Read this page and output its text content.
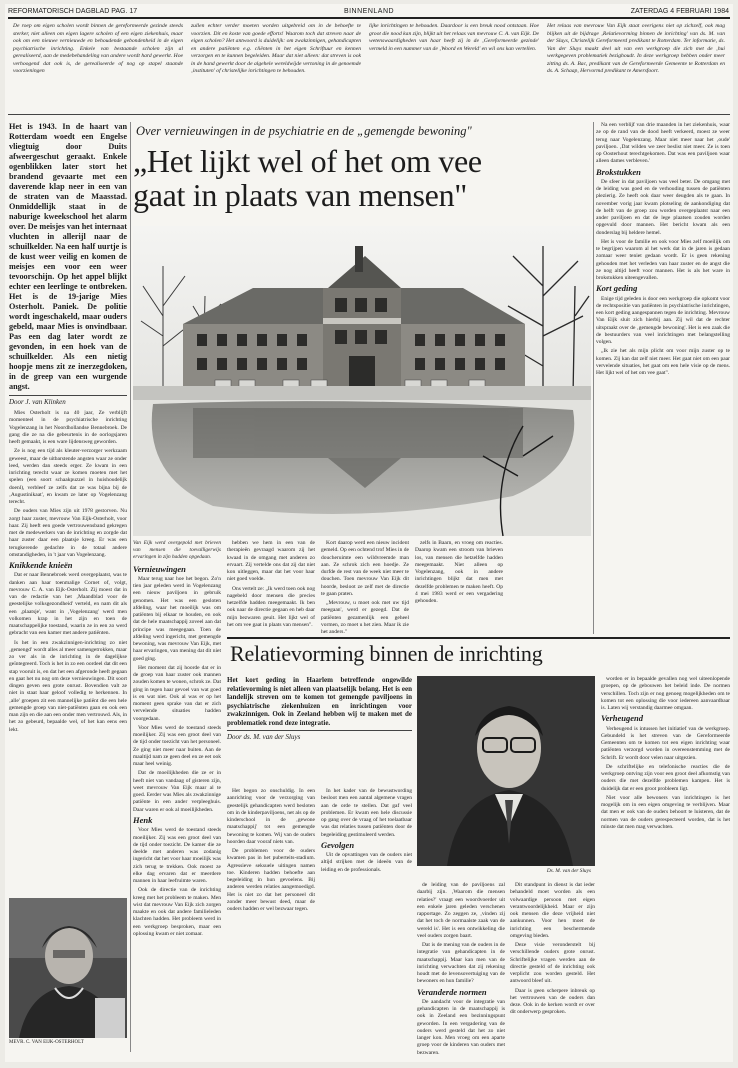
REFORMATORISCH DAGBLAD PAG. 17	BINNENLAND	ZATERDAG 4 FEBRUARI 1984
De roep om eigen scholen wordt binnen de gereformeerde gezinde steeds sterker, niet alleen om eigen lagere scholen of een eigen ziekenhuis, maar ook om een nieuwe vernieuwde en behoudende gebondenheid in de eigen psychiatrische inrichting. Enkele van bestaande scholen zijn al gerealiseerd, aan de medebehandeling van andere wordt hard gewerkt. Hoe verhoogend dat ook is, de gerealiseerde of nog op stapel staande voorzieningen
zullen echter verder moeten worden uitgebreid om in de behoefte te voorzien. Dit en koste van goede efforts! Waarom toch dat streven naar de eigen scholen? Het antwoord is duidelijk: om zwakzinnigen, gehandicapten en andere patiënten e.g. cliënten in het eigen Schriftuur en kennen verzorgen en te kunnen begeleiden. Maar dat niet alleen: dat streven is ook in de hand gewerkt door de algehele wereldwijde vertoning in de genoemde ‚instituten' of christelijke inrichtingen te behouden.
lijke inrichtingen te behouden. Daardoor is een breuk nood ontstaan. Hoe groot die nood kan zijn, blijkt uit het relaas van mevrouw C. A. van Eijk. De wetenswaardigheden van haar heeft zij in de ‚Gereformeerde gezinde' vermeld in een nummer van de ‚Woord en Wereld' en wil ons kan vertellen.
Het relaas van mevrouw Van Eijk staat overigens niet op zichzelf, ook mag blijken uit de bijdrage ‚Relatievorming binnen de inrichting' van ds. M. van der Sluys, Christelijk Gereformeerd predikant te Rotterdam. Ter informatie, ds. Van der Sluys maakt deel uit van een werkgroep die zich met de ‚hui werkgegeven problematiek bezighoudt. In deze werkgroep hebben onder meer zitting ds. A. Bac, predikant van de Gereformeerde Gemeente te Rotterdam en ds. A. Schaap, Hervormd predikant te Amersfoort.
Het is 1943. In de haart van Rotterdam woedt een Engelse vliegtuig door Duits afweergeschut geraakt. Enkele ogenblikken later stort het brandend gevaarte met een daverende klap neer in een van de straten van de Maasstad. Onmiddellijk staat in de naburige kweekschool het alarm over. De meisjes van het internaat vluchten in allerijl naar de schuilkelder. Na een half uurtje is de kust weer veilig en komen de meisjes een voor een weer tevoorschijn. Op het appel blijkt echter een leerlinge te ontbreken. Het is de 19-jarige Mies Osterholt. Paniek. De politie wordt ingeschakeld, maar ouders gebeld, maar Mies is onvindbaar. Pas een dag later wordt ze gevonden, in een hoek van de schuilkelder. Als een nietig hoopje mens zit ze inerzegdoken, in de greep van een wurgende angst.
Door J. van Klinken

Mies Osterholt is na 40 jaar, Ze verblijft momenteel in de psychiatrische inrichting Vogelenzang in het Noordhollandse Bennebroek. De gang die ze na die gebeurtenis in de oorlogsjaren heeft gemaakt, is een ware lijdensweg geworden.

Ze is nog een tijd als kleuter-verzorger werkzaam geweest, maar de uitbarstende angsten waar ze onder leed, werden dan steeds erger. Ze kwam in een inrichting terecht waar ze komen moeten met het spelen (een soort schaakpuzzel in huishoudelijk doenl), verbleef ze zelfs dat ze was bijna bij de ‚Augustinikaat', en kwam ze later op Vogelenzang terecht.

De ouders van Mies zijn uit 1978 gestorven. Nu zorgt haar zuster, mevrouw Van Eijk-Osterholt, voor haar. Zij heeft een goede vertrouwensband gekregen met de medewerkers van de inrichting en zorgde dat haar zuster daar een plaatsje kreeg. Er was een terugkerende gedachte in de totaal andere omstandigheden, in 't jaar van Vogelenzang.

Knikkende knieën

Dat er naar Bennebroek werd overgeplaatst, was te danken aan haar toenmalige Cornet of, volgt, mevrouw C. A. van Eijk-Osterholt. Zij moest dat in van de redactie van het ‚Maandblad voor de geestelijke volksgezondheid' verteld, en nam dit als een ‚plaatsje', want in ‚Vogelenzang' werd men volkomen krap in het zijn en toen de maatschappelijke toestand, waarin ze in een zo werd gebracht van een kamer met andere patiënten.

Is het in een zwakzinnigen-inrichting zo niet ‚gemengd' wordt alles al meer samengetrokken, maar zo ver als in de inrichting in de dagelijkse geïntegreerd. Toch is het in zo een oordeel dat dit een stap vooruit is, en dat het een afgeronde heeft gegaan en gaat het nu nog om deze vernieuwingen. Dit soort dingen geven een grote onrust. Bovendien valt ze niet in staat haar geloof volledig te herkennen. In ‚alle' groepen zit een mannelijke patiënt die een hele gemengde groep van niet-patiënten gaan en ook een man zijn en die aan een onder men vertrouwd. Als, in het zo gebeurd, bepaalde wel, of het kan eens een lekt.

MEVR. C. VAN EIJK-OSTERHOLT
Over vernieuwingen in de psychiatrie en de „gemengde bewoning"
„Het lijkt wel of het om vee
gaat in plaats van mensen"

Van Eijk werd overgepold met brieven van mensen die toevalligerwijs ervaringen in zijn hadden opgedaan.

Vernieuwingen

Maar terug naar hoe het begon. Zo'n tien jaar geleden werd in Vogelenzang een nieuw paviljoen in gebruik genomen. Het was een gesloten afdeling, waar het moeilijk was om patiënten bij elkaar te houden, en ook dat de hele maatschappij zoveel aan dat principe was meegegaan. Toen de afdeling werd ingericht, met gemengde bewoning, was mevrouw Van Eijk, met haar ervaringen, van mening dat dit niet goed ging.

Het moment dat zij hoorde dat er in de groep van haar zuster ook mannen zouden komen te wonen, schrok ze. Dat ging in tegen haar gevoel van wat goed is en wat niet. Ook al was er op het moment geen sprake van dat er zich vervelende situaties hadden voorgedaan.

Voor Mies werd de toestand steeds moeilijker. Zij was een groot deel van de tijd onder toezicht van het personeel. Ze ging niet meer naar buiten. Aan de maaltijd nam ze geen deel en ze eet ook maar heel weinig.

Dat de moeilijkheden die ze er in heeft niet van vandaag of gisteren zijn, weet mevrouw Van Eijk maar al te goed. Eerder was Mies als zwakzinnige patiënte in een ander verpleeghuis. Daar waren er ook al moeilijkheden.

Henk

Voor Mies werd de toestand steeds moeilijker. Zij was een groot deel van de tijd onder toezicht. De kamer die ze deelde met anderen was zodanig ingericht dat het voor haar moeilijk was zich terug te trekken. Ook moest ze elke dag ervaren dat er meerdere mannen in haar leefruimte waren.

Ook de directie van de inrichting kreeg met het probleem te maken. Men wist dat mevrouw Van Eijk zich zorgen maakte en ook dat andere familieleden klachten hadden. Het probleem werd in een werkgroep besproken, maar een oplossing kwam er niet zomaar.

hebben we hem in een van de therapieën gevraagd waarom zij het kwaad in de omgang met anderen zo ervaart. Zij vertelde ons dat zij dat niet kon uitleggen, maar dat het voor haar niet goed voelde.

Ons vertelt ze: „Ik werd toen ook nog nagebeld door mensen die precies hetzelfde hadden meegemaakt. Ik ben ook naar de directie gegaan en heb daar mijn bezwaren geuit. Het lijkt wel of het om vee gaat in plaats van mensen".

Kort daarop werd een nieuw incident gemeld. Op een ochtend trof Mies in de doucheruimte een wildvreemde man aan. Ze schrok zich een hoedje. Ze durfde de rest van de week niet meer te douchen. Toen mevrouw Van Eijk dit hoorde, besloot ze zelf met de directie te gaan praten.

„Mevrouw, u moet ook met uw tijd meegaan', werd er gezegd. Dat de patiënten gezamenlijk een geheel vormen, zo moet u het zien. Maar ik zie het anders."

zelfs in Baarn, en vroeg om reacties. Daarop kwam een stroom van brieven los, van mensen die hetzelfde hadden meegemaakt. Niet alleen op Vogelenzang, ook in andere inrichtingen blijkt dat men met dezelfde problemen te maken heeft. Op 4 mei 1983 werd er een vergadering gehouden.

Na een verblijf van drie maanden in het ziekenhuis, waar ze op de rand van de dood heeft verkeerd, moest ze weer terug naar Vogelenzang. Maar niet meer naar het ‚oude' paviljoen. ‚Dat wilden we zeer beslist niet meer. Ze is toen op Oosterhout terechtgekomen. Dat was een paviljoen waar alleen dames verbleven.'

Brokstukken

De sfeer in dat paviljoen was veel beter. De omgang met de leiding was goed en de verhouding tussen de patiënten plezierig. Ze heeft ook daar weer deugden als te gaan. In november vorig jaar kwam plotseling de aankondiging dat de helft van de groep zou worden overgeplaatst naar een ander paviljoen en dat de lege plaatsen zouden worden opgevuld door mannen. Het bericht kwam als een donderslag bij heldere hemel.

Het is voor de familie en ook voor Mies zelf moeilijk om te begrijpen waarom al het werk dat in de jaren is gedaan zomaar weer teniet gedaan wordt. Er is geen rekening gehouden met het verleden van haar zuster en de angst die ze nog altijd heeft voor mannen. Het is als het ware in brokstukken uiteengevallen.

Kort geding

Enige tijd geleden is door een werkgroep die opkomt voor de rechtspositie van patiënten in psychiatrische inrichtingen, een kort geding aangespannen tegen de inrichting. Mevrouw Van Eijk sluit zich hierbij aan. Zij wil dat de rechter uitspraakt over de ‚gemengde bewoning'. Het is een zaak die de bestuurders van veel inrichtingen met belangstelling volgen.

„Ik zie het als mijn plicht om voor mijn zuster op te komen. Zij kan dat zelf niet meer. Het gaat niet om een paar vervelende situaties, het gaat om een hele visie op de mens. Het lijkt wel of het om vee gaat".

Relatievorming binnen de inrichting
Het kort geding in Haarlem betreffende ongewilde relatievorming is niet alleen van plaatselijk belang. Het is een landelijk streven om te komen tot gemengde paviljoens in psychiatrische ziekenhuizen en inrichtingen voor zwakzinnigen. Ook in Zeeland hebben wij te maken met de problematiek rond deze integratie.
Door ds. M. van der Sluys

Het begon zo onschuldig. In een aanrichting voor de verzorging van geestelijk gehandicapten werd besloten om in de kinderpaviljoens, net als op de kinderschool in de ‚gewone maatschappij' tot een gemengde bewoning te komen. Wij van de ouders hoorden daar vooraf niets van.

De problemen voor de ouders kwamen pas in het puberteits-stadium. Agressieve seksuele uitingen namen toe. Kinderen hadden behoefte aan begeleiding in hun gevoelens. Bij anderen werden relaties aangemoedigd. Het is niet zo dat het personeel dit zonder meer bewust deed, maar de ouders hadden er wel bezwaar tegen.

In het kader van de bewustwording besloot men een aantal algemene vragen aan de orde te stellen. Dat gaf veel problemen. Er kwam een hele discussie op gang over de vraag of het toelaatbaar was dat relaties tussen patiënten door de begeleiding gestimuleerd werden.

Gevolgen

Uit de opvattingen van de ouders niet altijd strijken met de ideeën van de leiding en de professionals.	Ds. M. van der Sluys

de leiding van de paviljoens zal daarbij zijn. ‚Waarom die mensen relaties?' vraagt een woordvoerder uit een enkele jaren geleden verschenen rapportage. Zo zeggen ze, ‚vinden zij dat het toch de normaalste zaak van de wereld is'. Het is een ontwikkeling die veel ouders zorgen baart.

Dat is de mening van de ouders in de integratie van gehandicapten in de maatschappij. Maar kan men van de inrichting verwachten dat zij rekening houdt met de levensovertuiging van de bewoners en hun familie?

Veranderde normen

De aandacht voor de integratie van gehandicapten in de maatschappij is ook in Zeeland een bezinningspunt geworden. In een vergadering van de ouders werd gesteld dat het zo niet langer kon. Men vroeg om een aparte groep voor de kinderen van ouders met bezwaren.

Dit standpunt in dienst is dat ieder behandeld moet worden als een volwaardige persoon met eigen verantwoordelijkheid. Maar er zijn ook mensen die deze vrijheid niet aankunnen. Voor hen moet de inrichting een beschermende omgeving bieden.

Deze visie veronderstelt bij verschillende ouders grote onrust. Schriftelijke vragen werden aan de directie gesteld of de inrichting ook verplicht zou worden gesteld. Het antwoord bleef uit.

Daar is geen scherpere inbreuk op het vertrouwen van de ouders dan deze. Ook in de kerken wordt er over dit onderwerp gesproken.

worden er in bepaalde gevallen nog wel uiteenlopende groepen, op de gebouwen het beleid inde. De normen verschillen. Toch zijn er nog genoeg mogelijkheden om te komen tot een oplossing die voor iedereen aanvaardbaar is. Laten wij verstandig daarmee omgaan.

Verheugend

Verheugend is intussen het initiatief van de werkgroep. Gebundeld is het streven van de Gereformeerde Gemeenten om te komen tot een eigen inrichting waar patiënten verzorgd worden in overeenstemming met de Schrift. Er wordt door velen naar uitgezien.

De schriftelijke en telefonische reacties die de werkgroep ontving zijn voor een groot deel afkomstig van ouders die met dezelfde problemen kampen. Het is duidelijk dat er een groot probleem ligt.

Niet voor alle bewoners van inrichtingen is het mogelijk om in een eigen omgeving te verblijven. Maar dat men er ook van de ouders behoort te luisteren, dat de normen van de ouders gerespecteerd worden, dat is het minste dat men mag verwachten.
